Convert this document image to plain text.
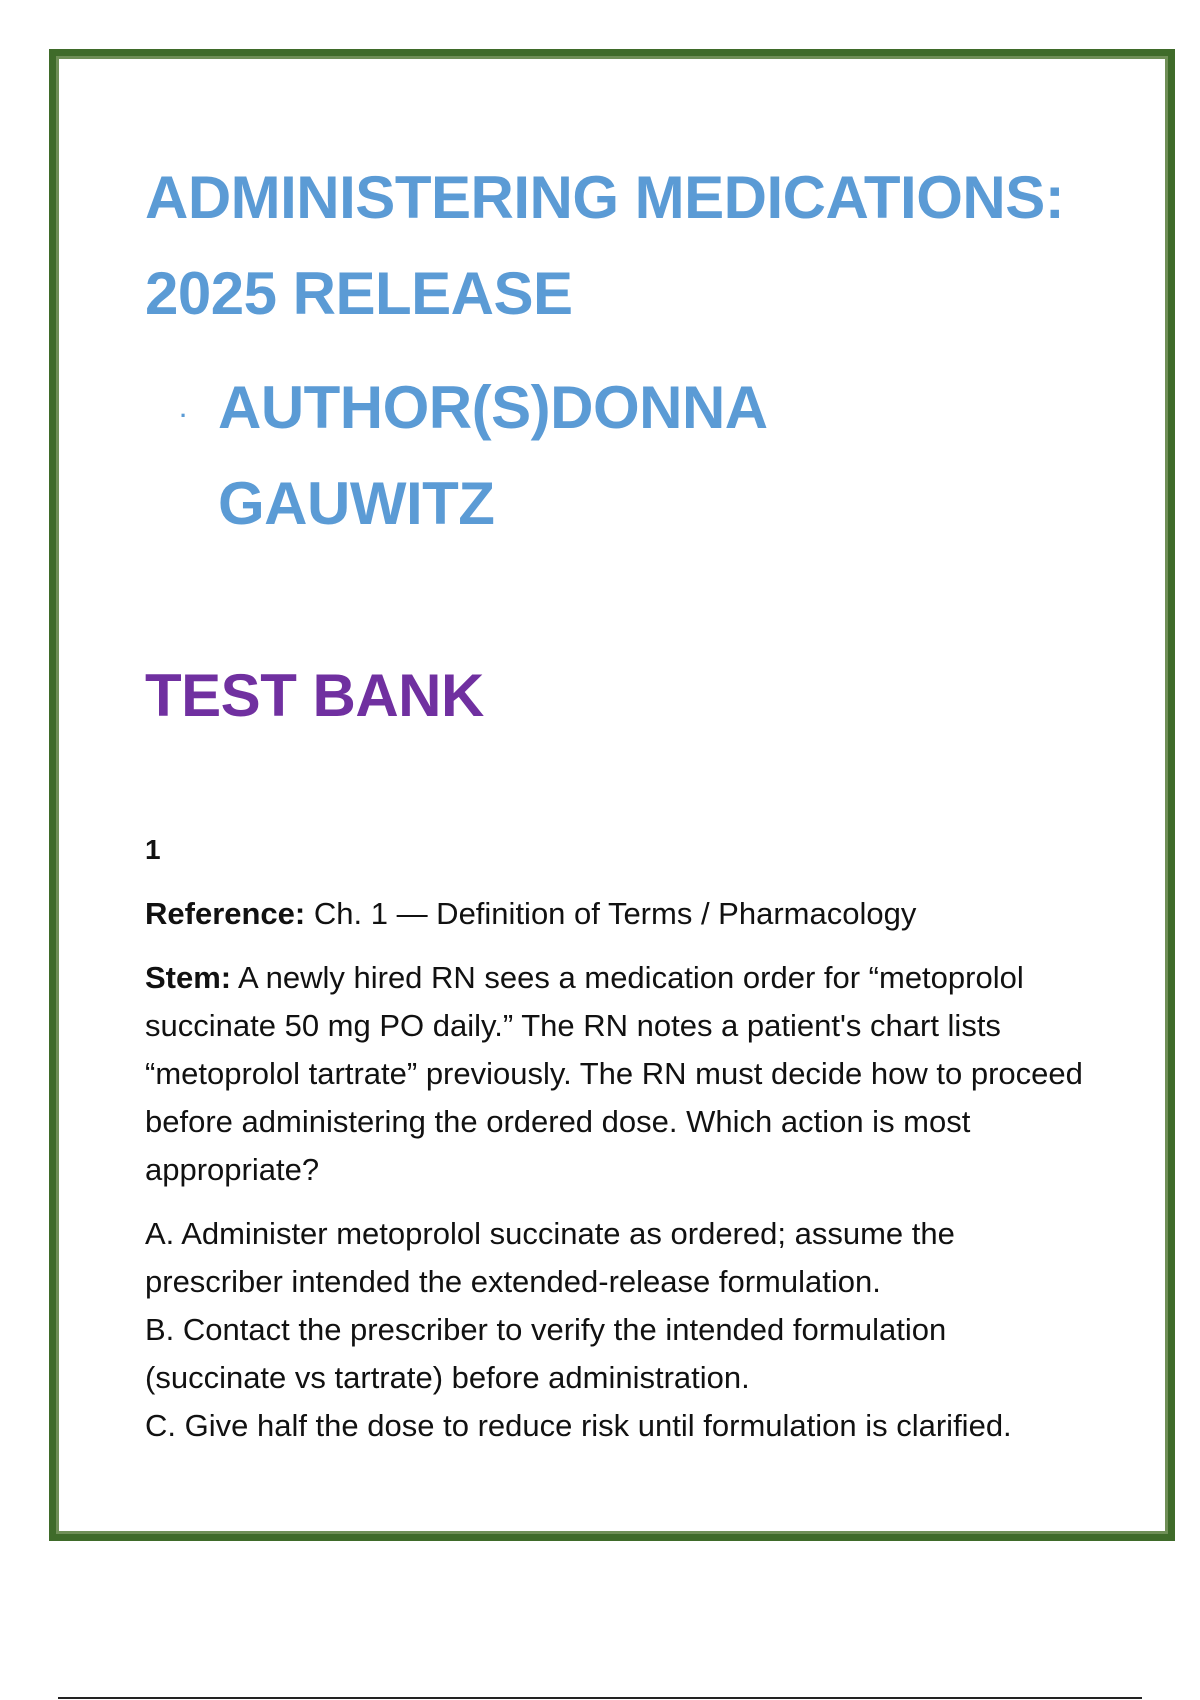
ADMINISTERING MEDICATIONS: 2025 RELEASE
· AUTHOR(S)DONNA GAUWITZ
TEST BANK
1

Reference: Ch. 1 — Definition of Terms / Pharmacology

Stem: A newly hired RN sees a medication order for “metoprolol succinate 50 mg PO daily.” The RN notes a patient's chart lists “metoprolol tartrate” previously. The RN must decide how to proceed before administering the ordered dose. Which action is most appropriate?

A. Administer metoprolol succinate as ordered; assume the prescriber intended the extended-release formulation.

B. Contact the prescriber to verify the intended formulation (succinate vs tartrate) before administration.

C. Give half the dose to reduce risk until formulation is clarified.
